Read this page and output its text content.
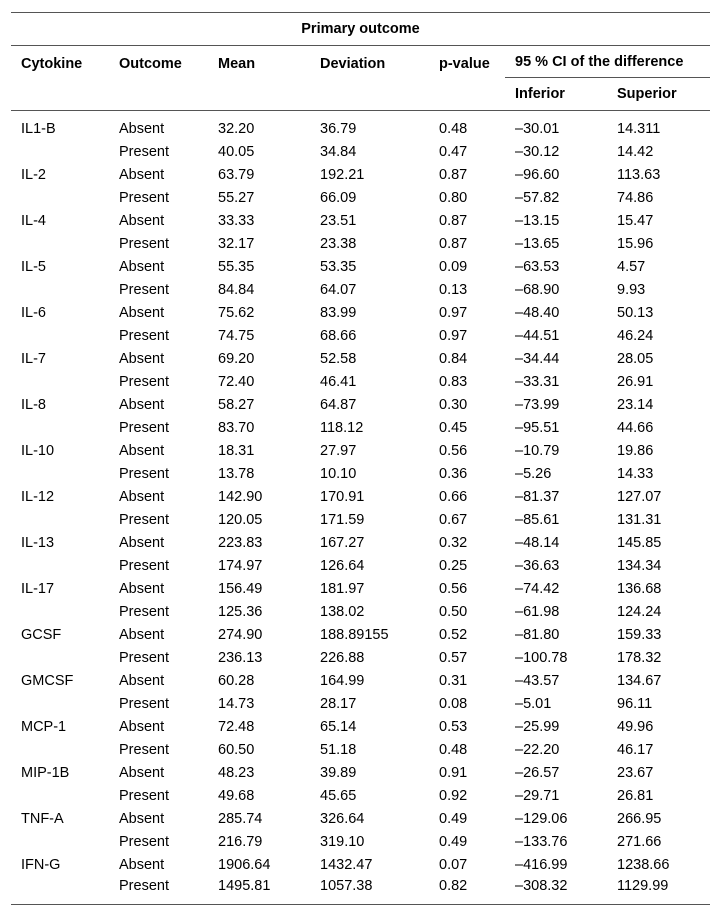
Primary outcome						
Cytokine	Outcome	Mean	Deviation	p-value	95 % CI of the difference	
					Inferior	Superior
IL1-B	Absent	32.20	36.79	0.48	–30.01	14.311
	Present	40.05	34.84	0.47	–30.12	14.42
IL-2	Absent	63.79	192.21	0.87	–96.60	113.63
	Present	55.27	66.09	0.80	–57.82	74.86
IL-4	Absent	33.33	23.51	0.87	–13.15	15.47
	Present	32.17	23.38	0.87	–13.65	15.96
IL-5	Absent	55.35	53.35	0.09	–63.53	4.57
	Present	84.84	64.07	0.13	–68.90	9.93
IL-6	Absent	75.62	83.99	0.97	–48.40	50.13
	Present	74.75	68.66	0.97	–44.51	46.24
IL-7	Absent	69.20	52.58	0.84	–34.44	28.05
	Present	72.40	46.41	0.83	–33.31	26.91
IL-8	Absent	58.27	64.87	0.30	–73.99	23.14
	Present	83.70	118.12	0.45	–95.51	44.66
IL-10	Absent	18.31	27.97	0.56	–10.79	19.86
	Present	13.78	10.10	0.36	–5.26	14.33
IL-12	Absent	142.90	170.91	0.66	–81.37	127.07
	Present	120.05	171.59	0.67	–85.61	131.31
IL-13	Absent	223.83	167.27	0.32	–48.14	145.85
	Present	174.97	126.64	0.25	–36.63	134.34
IL-17	Absent	156.49	181.97	0.56	–74.42	136.68
	Present	125.36	138.02	0.50	–61.98	124.24
GCSF	Absent	274.90	188.89155	0.52	–81.80	159.33
	Present	236.13	226.88	0.57	–100.78	178.32
GMCSF	Absent	60.28	164.99	0.31	–43.57	134.67
	Present	14.73	28.17	0.08	–5.01	96.11
MCP-1	Absent	72.48	65.14	0.53	–25.99	49.96
	Present	60.50	51.18	0.48	–22.20	46.17
MIP-1B	Absent	48.23	39.89	0.91	–26.57	23.67
	Present	49.68	45.65	0.92	–29.71	26.81
TNF-A	Absent	285.74	326.64	0.49	–129.06	266.95
	Present	216.79	319.10	0.49	–133.76	271.66
IFN-G	Absent	1906.64	1432.47	0.07	–416.99	1238.66
	Present	1495.81	1057.38	0.82	–308.32	1129.99
